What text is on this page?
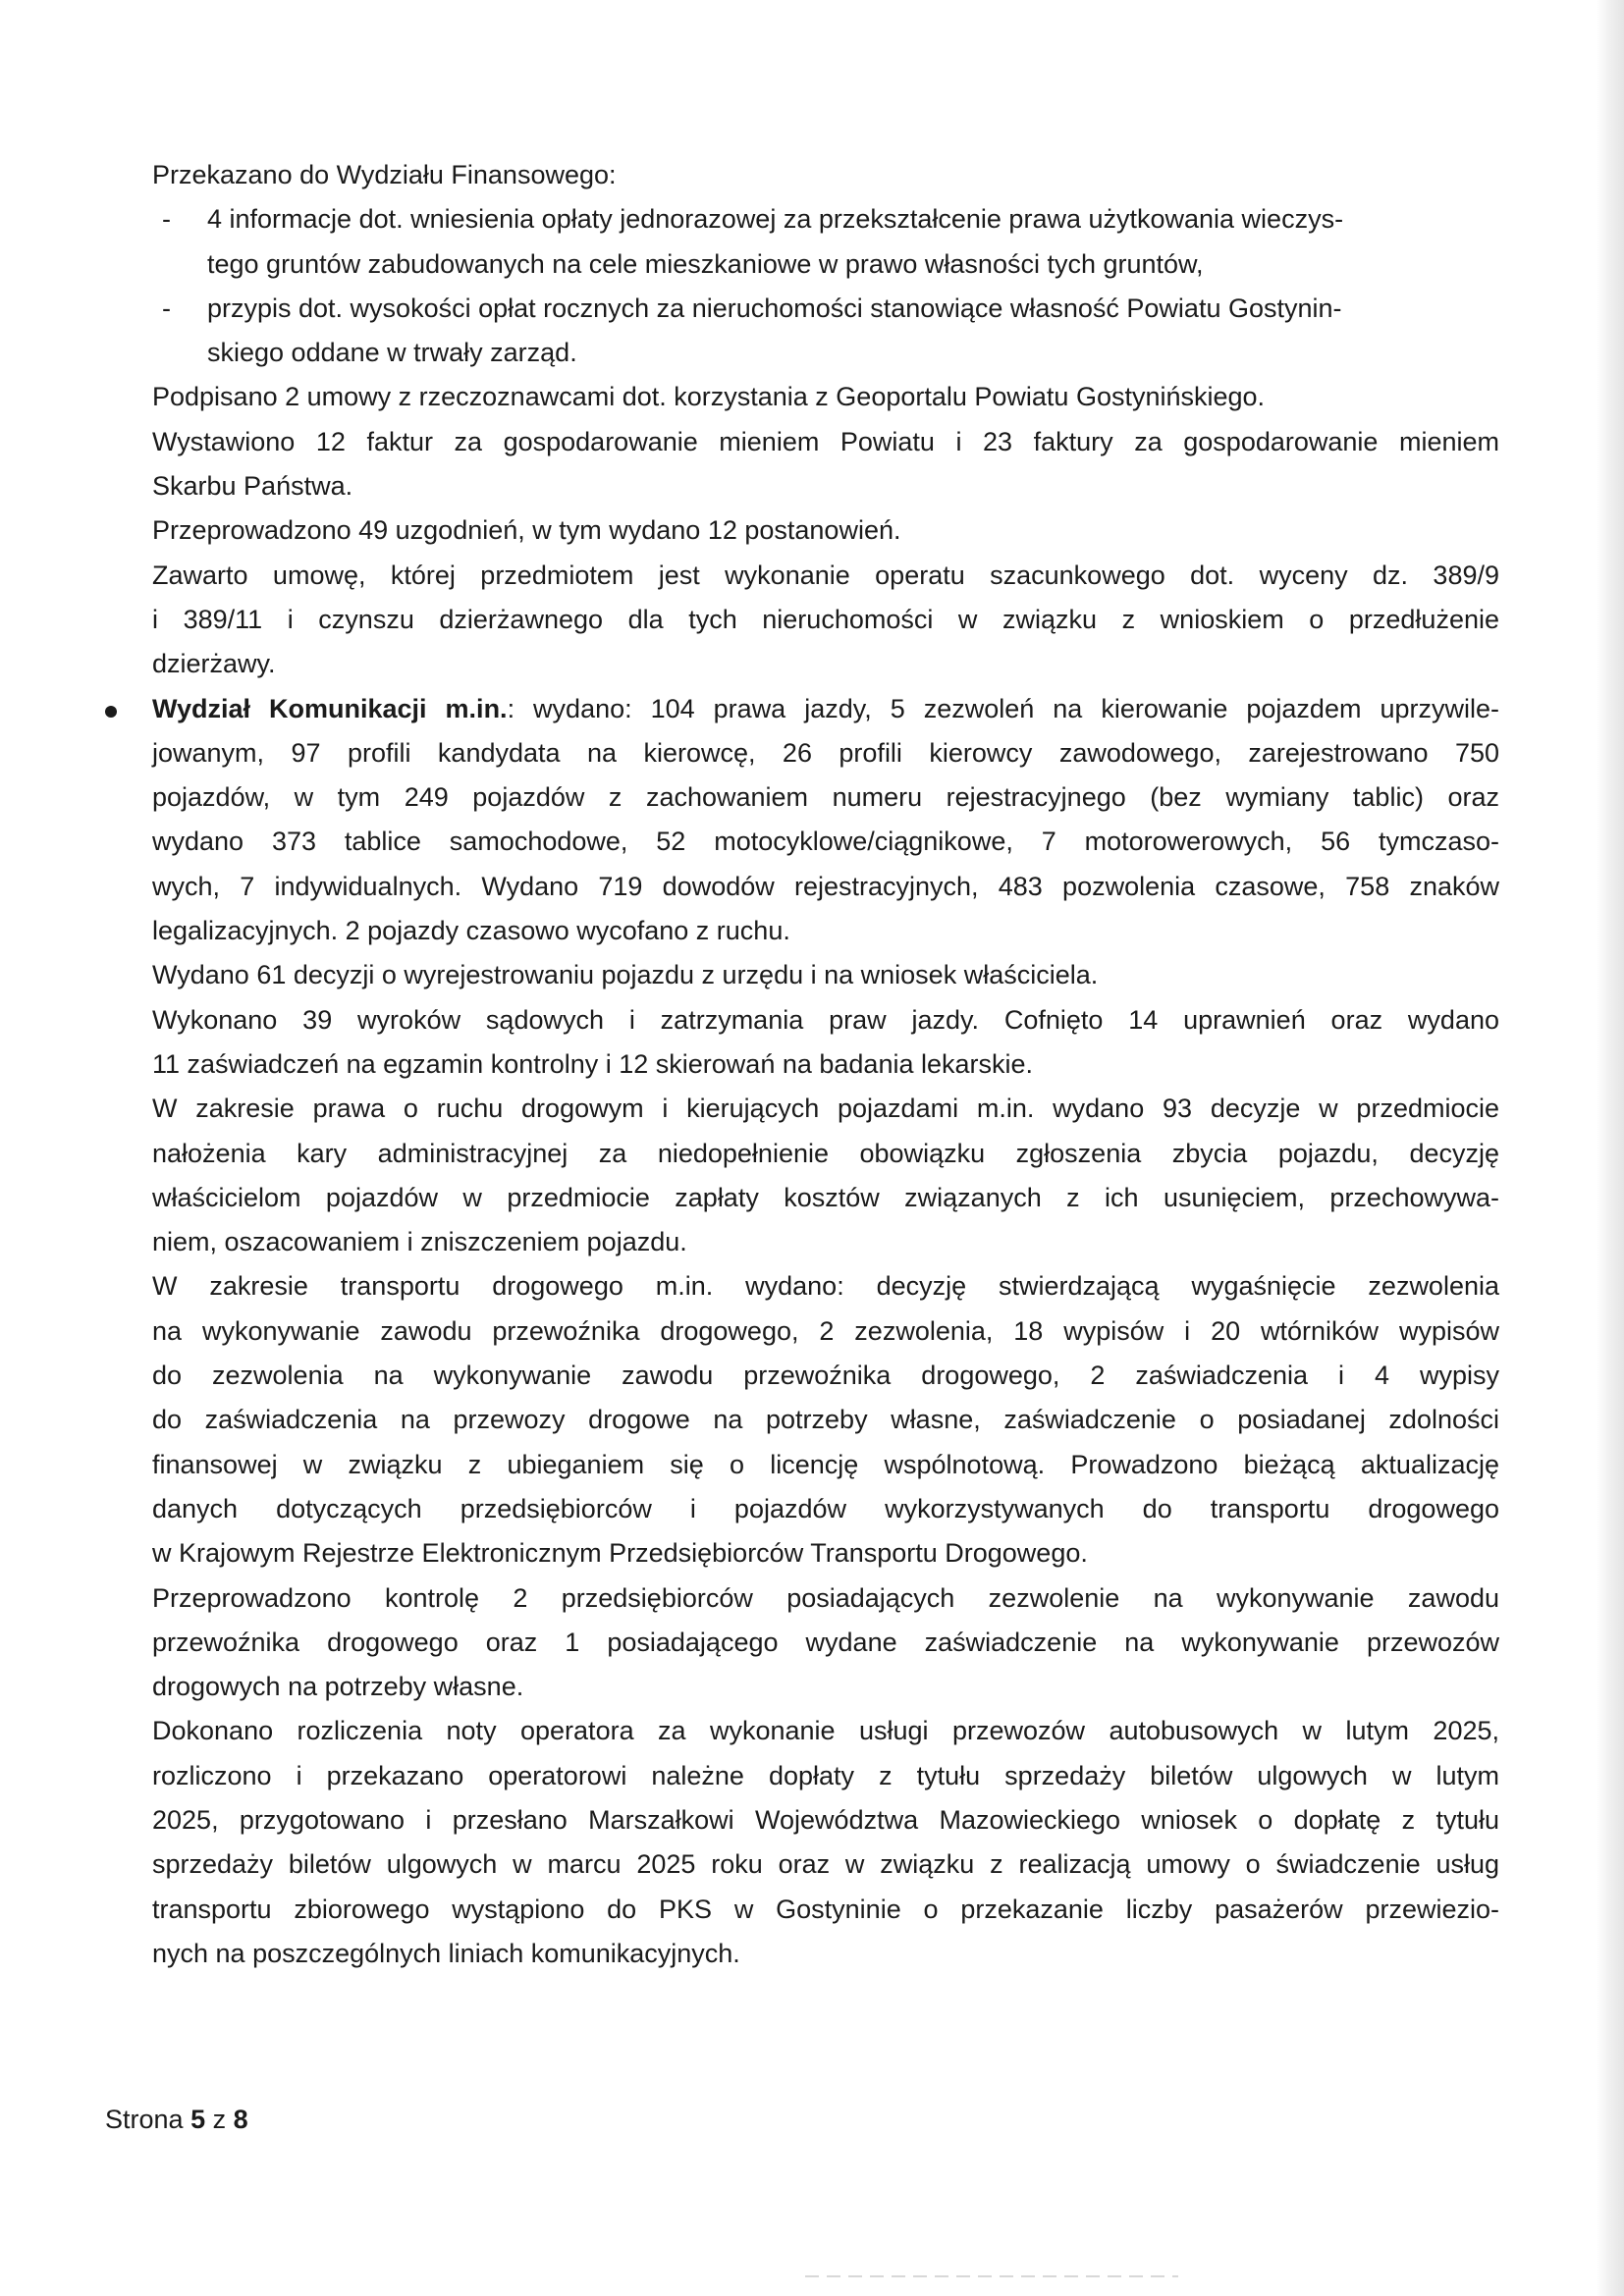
Przekazano do Wydziału Finansowego:
- 4 informacje dot. wniesienia opłaty jednorazowej za przekształcenie prawa użytkowania wieczys-
tego gruntów zabudowanych na cele mieszkaniowe w prawo własności tych gruntów,
- przypis dot. wysokości opłat rocznych za nieruchomości stanowiące własność Powiatu Gostynin-
skiego oddane w trwały zarząd.
Podpisano 2 umowy z rzeczoznawcami dot. korzystania z Geoportalu Powiatu Gostynińskiego.
Wystawiono 12 faktur za gospodarowanie mieniem Powiatu i 23 faktury za gospodarowanie mieniem
Skarbu Państwa.
Przeprowadzono 49 uzgodnień, w tym wydano 12 postanowień.
Zawarto umowę, której przedmiotem jest wykonanie operatu szacunkowego dot. wyceny dz. 389/9
i 389/11 i czynszu dzierżawnego dla tych nieruchomości w związku z wnioskiem o przedłużenie
dzierżawy.
Wydział Komunikacji m.in.: wydano: 104 prawa jazdy, 5 zezwoleń na kierowanie pojazdem uprzywile-
jowanym, 97 profili kandydata na kierowcę, 26 profili kierowcy zawodowego, zarejestrowano 750
pojazdów, w tym 249 pojazdów z zachowaniem numeru rejestracyjnego (bez wymiany tablic) oraz
wydano 373 tablice samochodowe, 52 motocyklowe/ciągnikowe, 7 motorowerowych, 56 tymczaso-
wych, 7 indywidualnych. Wydano 719 dowodów rejestracyjnych, 483 pozwolenia czasowe, 758 znaków
legalizacyjnych. 2 pojazdy czasowo wycofano z ruchu.
Wydano 61 decyzji o wyrejestrowaniu pojazdu z urzędu i na wniosek właściciela.
Wykonano 39 wyroków sądowych i zatrzymania praw jazdy. Cofnięto 14 uprawnień oraz wydano
11 zaświadczeń na egzamin kontrolny i 12 skierowań na badania lekarskie.
W zakresie prawa o ruchu drogowym i kierujących pojazdami m.in. wydano 93 decyzje w przedmiocie
nałożenia kary administracyjnej za niedopełnienie obowiązku zgłoszenia zbycia pojazdu, decyzję
właścicielom pojazdów w przedmiocie zapłaty kosztów związanych z ich usunięciem, przechowywa-
niem, oszacowaniem i zniszczeniem pojazdu.
W zakresie transportu drogowego m.in. wydano: decyzję stwierdzającą wygaśnięcie zezwolenia
na wykonywanie zawodu przewoźnika drogowego, 2 zezwolenia, 18 wypisów i 20 wtórników wypisów
do zezwolenia na wykonywanie zawodu przewoźnika drogowego, 2 zaświadczenia i 4 wypisy
do zaświadczenia na przewozy drogowe na potrzeby własne, zaświadczenie o posiadanej zdolności
finansowej w związku z ubieganiem się o licencję wspólnotową. Prowadzono bieżącą aktualizację
danych dotyczących przedsiębiorców i pojazdów wykorzystywanych do transportu drogowego
w Krajowym Rejestrze Elektronicznym Przedsiębiorców Transportu Drogowego.
Przeprowadzono kontrolę 2 przedsiębiorców posiadających zezwolenie na wykonywanie zawodu
przewoźnika drogowego oraz 1 posiadającego wydane zaświadczenie na wykonywanie przewozów
drogowych na potrzeby własne.
Dokonano rozliczenia noty operatora za wykonanie usługi przewozów autobusowych w lutym 2025,
rozliczono i przekazano operatorowi należne dopłaty z tytułu sprzedaży biletów ulgowych w lutym
2025, przygotowano i przesłano Marszałkowi Województwa Mazowieckiego wniosek o dopłatę z tytułu
sprzedaży biletów ulgowych w marcu 2025 roku oraz w związku z realizacją umowy o świadczenie usług
transportu zbiorowego wystąpiono do PKS w Gostyninie o przekazanie liczby pasażerów przewiezio-
nych na poszczególnych liniach komunikacyjnych.
Strona 5 z 8
